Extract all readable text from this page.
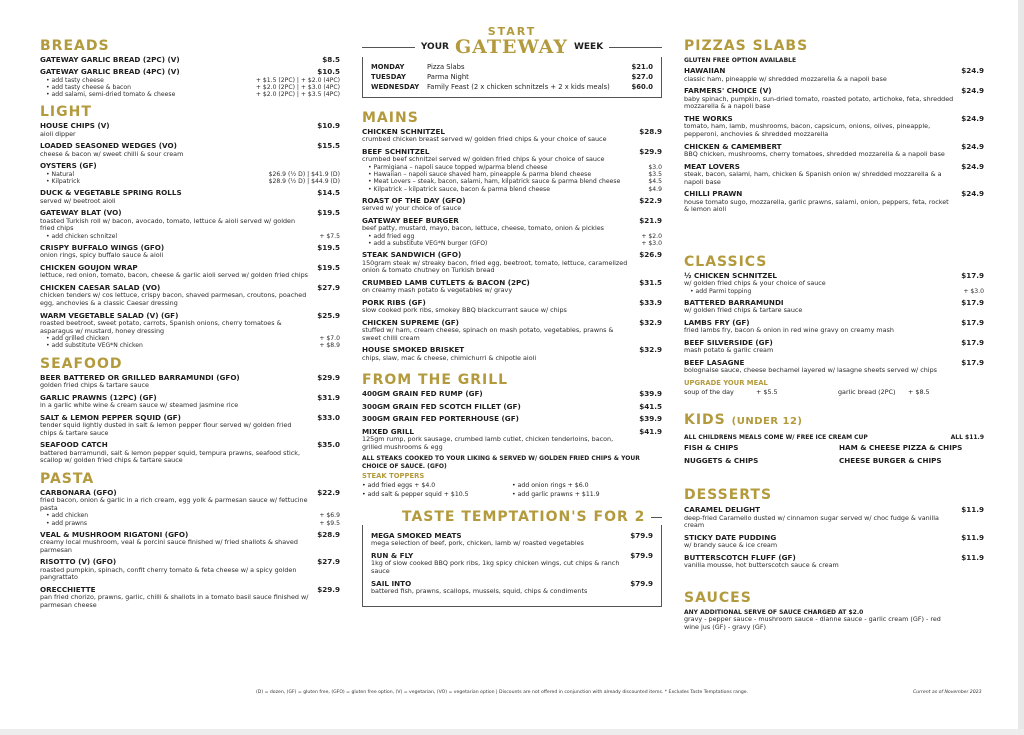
BREADS
GATEWAY GARLIC BREAD (2PC) (V)	$8.5
GATEWAY GARLIC BREAD (4PC) (V)	$10.5
• add tasty cheese	+ $1.5 (2PC) | + $2.0 (4PC)
• add tasty cheese & bacon	+ $2.0 (2PC) | + $3.0 (4PC)
• add salami, semi-dried tomato & cheese	+ $2.0 (2PC) | + $3.5 (4PC)
LIGHT
HOUSE CHIPS (V)	$10.9
aioli dipper
LOADED SEASONED WEDGES (VO)	$15.5
cheese & bacon w/ sweet chilli & sour cream
OYSTERS (GF)
• Natural	$26.9 (½ D) | $41.9 (D)
• Kilpatrick	$28.9 (½ D) | $44.9 (D)
DUCK & VEGETABLE SPRING ROLLS	$14.5
served w/ beetroot aioli
GATEWAY BLAT (VO)	$19.5
toasted Turkish roll w/ bacon, avocado, tomato, lettuce & aioli served w/ golden fried chips
• add chicken schnitzel	+ $7.5
CRISPY BUFFALO WINGS (GFO)	$19.5
onion rings, spicy buffalo sauce & aioli
CHICKEN GOUJON WRAP	$19.5
lettuce, red onion, tomato, bacon, cheese & garlic aioli served w/ golden fried chips
CHICKEN CAESAR SALAD (VO)	$27.9
chicken tenders w/ cos lettuce, crispy bacon, shaved parmesan, croutons, poached egg, anchovies & a classic Caesar dressing
WARM VEGETABLE SALAD (V) (GF)	$25.9
roasted beetroot, sweet potato, carrots, Spanish onions, cherry tomatoes & asparagus w/ mustard, honey dressing
• add grilled chicken	+ $7.0
• add substitute VEG*N chicken	+ $8.9
SEAFOOD
BEER BATTERED OR GRILLED BARRAMUNDI (GFO)	$29.9
golden fried chips & tartare sauce
GARLIC PRAWNS (12PC) (GF)	$31.9
in a garlic white wine & cream sauce w/ steamed jasmine rice
SALT & LEMON PEPPER SQUID (GF)	$33.0
tender squid lightly dusted in salt & lemon pepper flour served w/ golden fried chips & tartare sauce
SEAFOOD CATCH	$35.0
battered barramundi, salt & lemon pepper squid, tempura prawns, seafood stick, scallop w/ golden fried chips & tartare sauce
PASTA
CARBONARA (GFO)	$22.9
fried bacon, onion & garlic in a rich cream, egg yolk & parmesan sauce w/ fettucine pasta
• add chicken	+ $6.9
• add prawns	+ $9.5
VEAL & MUSHROOM RIGATONI (GFO)	$28.9
creamy local mushroom, veal & porcini sauce finished w/ fried shallots & shaved parmesan
RISOTTO (V) (GFO)	$27.9
roasted pumpkin, spinach, confit cherry tomato & feta cheese w/ a spicy golden pangrattato
ORECCHIETTE	$29.9
pan fried chorizo, prawns, garlic, chilli & shallots in a tomato basil sauce finished w/ parmesan cheese
START
YOUR GATEWAY WEEK
MONDAY	Pizza Slabs	$21.0
TUESDAY	Parma Night	$27.0
WEDNESDAY	Family Feast (2 x chicken schnitzels + 2 x kids meals)	$60.0
MAINS
CHICKEN SCHNITZEL	$28.9
crumbed chicken breast served w/ golden fried chips & your choice of sauce
BEEF SCHNITZEL	$29.9
crumbed beef schnitzel served w/ golden fried chips & your choice of sauce
• Parmigiana – napoli sauce topped w/parma blend cheese	$3.0
• Hawaiian – napoli sauce shaved ham, pineapple & parma blend cheese	$3.5
• Meat Lovers – steak, bacon, salami, ham, kilpatrick sauce & parma blend cheese	$4.5
• Kilpatrick – kilpatrick sauce, bacon & parma blend cheese	$4.9
ROAST OF THE DAY (GFO)	$22.9
served w/ your choice of sauce
GATEWAY BEEF BURGER	$21.9
beef patty, mustard, mayo, bacon, lettuce, cheese, tomato, onion & pickles
• add fried egg	+ $2.0
• add a substitute VEG*N burger (GFO)	+ $3.0
STEAK SANDWICH (GFO)	$26.9
150gram steak w/ streaky bacon, fried egg, beetroot, tomato, lettuce, caramelized onion & tomato chutney on Turkish bread
CRUMBED LAMB CUTLETS & BACON (2PC)	$31.5
on creamy mash potato & vegetables w/ gravy
PORK RIBS (GF)	$33.9
slow cooked pork ribs, smokey BBQ blackcurrant sauce w/ chips
CHICKEN SUPREME (GF)	$32.9
stuffed w/ ham, cream cheese, spinach on mash potato, vegetables, prawns & sweet chilli cream
HOUSE SMOKED BRISKET	$32.9
chips, slaw, mac & cheese, chimichurri & chipotle aioli
FROM THE GRILL
400GM GRAIN FED RUMP (GF)	$39.9
300GM GRAIN FED SCOTCH FILLET (GF)	$41.5
300GM GRAIN FED PORTERHOUSE (GF)	$39.9
MIXED GRILL	$41.9
125gm rump, pork sausage, crumbed lamb cutlet, chicken tenderloins, bacon, grilled mushrooms & egg
ALL STEAKS COOKED TO YOUR LIKING & SERVED W/ GOLDEN FRIED CHIPS & YOUR CHOICE OF SAUCE. (GFO)
STEAK TOPPERS
• add fried eggs + $4.0
• add salt & pepper squid + $10.5
• add onion rings + $6.0
• add garlic prawns + $11.9
TASTE TEMPTATION'S FOR 2
MEGA SMOKED MEATS	$79.9
mega selection of beef, pork, chicken, lamb w/ roasted vegetables
RUN & FLY	$79.9
1kg of slow cooked BBQ pork ribs, 1kg spicy chicken wings, cut chips & ranch sauce
SAIL INTO	$79.9
battered fish, prawns, scallops, mussels, squid, chips & condiments
PIZZAS SLABS
GLUTEN FREE OPTION AVAILABLE
HAWAIIAN	$24.9
classic ham, pineapple w/ shredded mozzarella & a napoli base
FARMERS' CHOICE (V)	$24.9
baby spinach, pumpkin, sun-dried tomato, roasted potato, artichoke, feta, shredded mozzarella & a napoli base
THE WORKS	$24.9
tomato, ham, lamb, mushrooms, bacon, capsicum, onions, olives, pineapple, pepperoni, anchovies & shredded mozzarella
CHICKEN & CAMEMBERT	$24.9
BBQ chicken, mushrooms, cherry tomatoes, shredded mozzarella & a napoli base
MEAT LOVERS	$24.9
steak, bacon, salami, ham, chicken & Spanish onion w/ shredded mozzarella & a napoli base
CHILLI PRAWN	$24.9
house tomato sugo, mozzarella, garlic prawns, salami, onion, peppers, feta, rocket & lemon aioli
CLASSICS
½ CHICKEN SCHNITZEL	$17.9
w/ golden fried chips & your choice of sauce
• add Parmi topping	+ $3.0
BATTERED BARRAMUNDI	$17.9
w/ golden fried chips & tartare sauce
LAMBS FRY (GF)	$17.9
fried lambs fry, bacon & onion in red wine gravy on creamy mash
BEEF SILVERSIDE (GF)	$17.9
mash potato & garlic cream
BEEF LASAGNE	$17.9
bolognaise sauce, cheese bechamel layered w/ lasagne sheets served w/ chips
UPGRADE YOUR MEAL
soup of the day	+ $5.5	garlic bread (2PC)	+ $8.5
KIDS (UNDER 12)
ALL CHILDRENS MEALS COME W/ FREE ICE CREAM CUP	ALL $11.9
FISH & CHIPS	HAM & CHEESE PIZZA & CHIPS
NUGGETS & CHIPS	CHEESE BURGER & CHIPS
DESSERTS
CARAMEL DELIGHT	$11.9
deep-fried Caramello dusted w/ cinnamon sugar served w/ choc fudge & vanilla cream
STICKY DATE PUDDING	$11.9
w/ brandy sauce & ice cream
BUTTERSCOTCH FLUFF (GF)	$11.9
vanilla mousse, hot butterscotch sauce & cream
SAUCES
ANY ADDITIONAL SERVE OF SAUCE CHARGED AT $2.0
gravy - pepper sauce - mushroom sauce - dianne sauce - garlic cream (GF) - red wine jus (GF) - gravy (GF)
(D) = dozen, (GF) = gluten free, (GFO) = gluten free option, (V) = vegetarian, (VO) = vegetarian option | Discounts are not offered in conjunction with already discounted items. * Excludes Taste Temptations range.	Current as of November 2023
